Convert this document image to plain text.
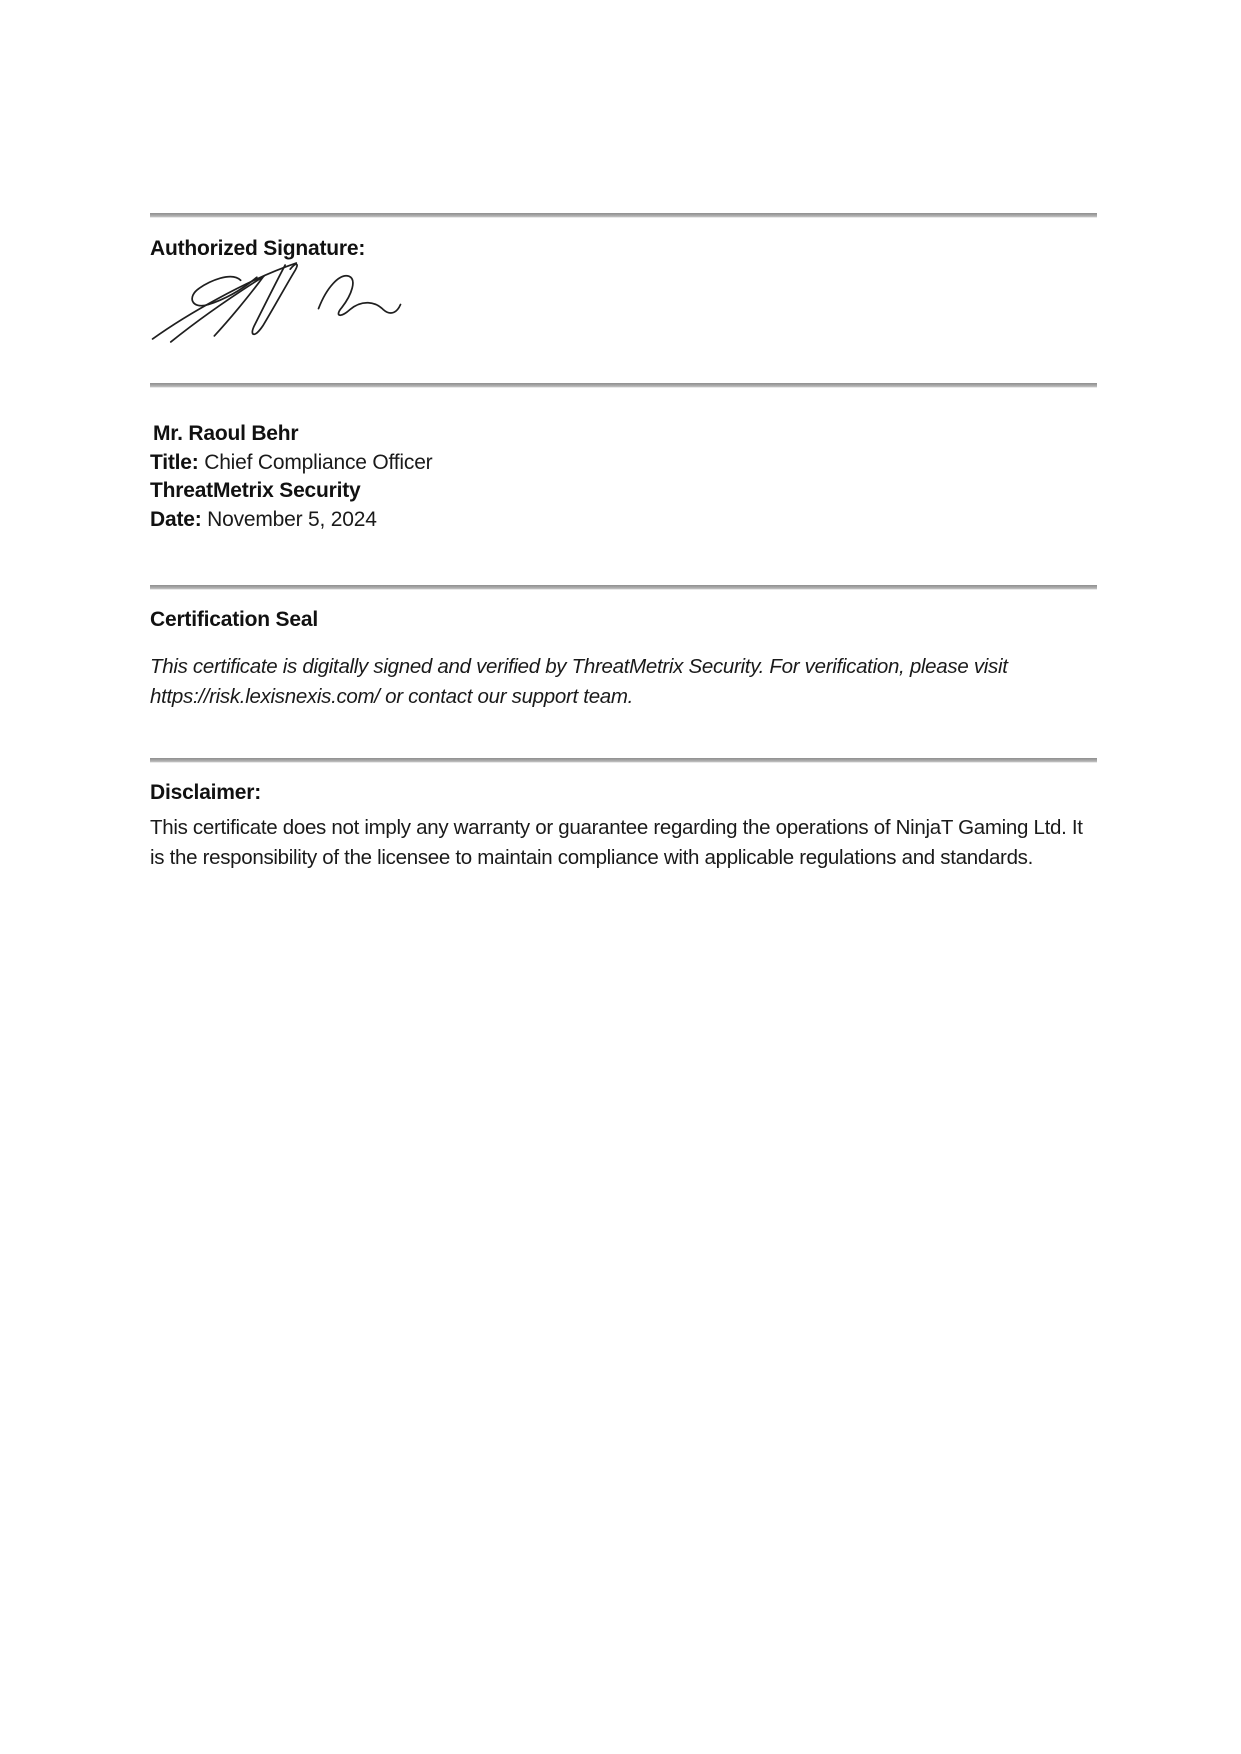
Authorized Signature:

Mr. Raoul Behr

Title: Chief Compliance Officer

ThreatMetrix Security

Date: November 5, 2024

Certification Seal

This certificate is digitally signed and verified by ThreatMetrix Security. For verification, please visit https://risk.lexisnexis.com/ or contact our support team.

Disclaimer:

This certificate does not imply any warranty or guarantee regarding the operations of NinjaT Gaming Ltd. It is the responsibility of the licensee to maintain compliance with applicable regulations and standards.
